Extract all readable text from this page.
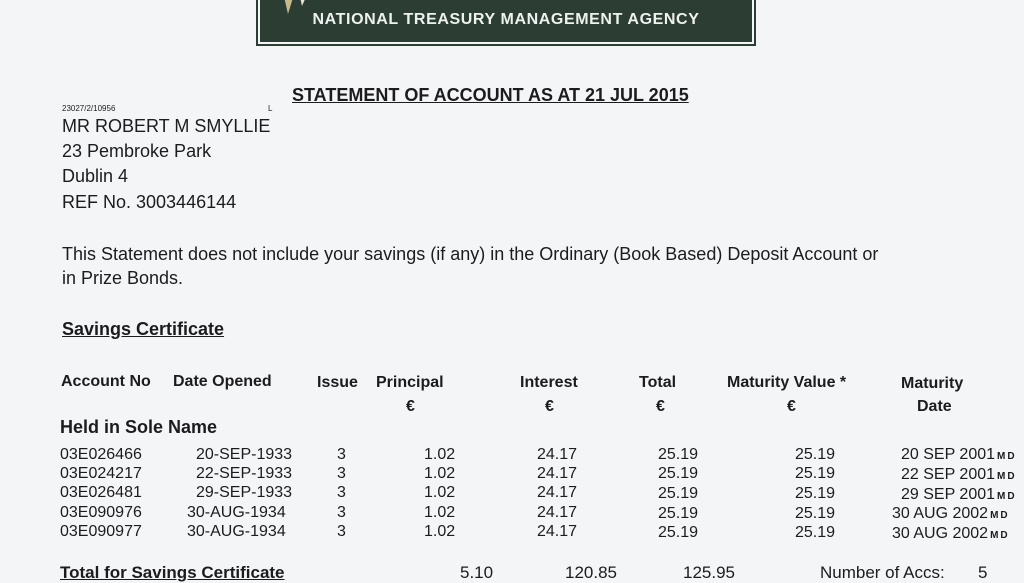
NATIONAL TREASURY MANAGEMENT AGENCY
STATEMENT OF ACCOUNT AS AT 21 JUL 2015
23027/2/10956	L
MR ROBERT M SMYLLIE
23 Pembroke Park
Dublin 4
REF No. 3003446144
This Statement does not include your savings (if any) in the Ordinary (Book Based) Deposit Account or
in Prize Bonds.
Savings Certificate
Account No Date Opened	Issue Principal	Interest	Total	Maturity Value *	Maturity
Date
€	€	€	€
Held in Sole Name
03E026466	20-SEP-1933	3	1.02	24.17	25.19	25.19	20 SEP 2001 MD
03E024217	22-SEP-1933	3	1.02	24.17	25.19	25.19	22 SEP 2001 MD
03E026481	29-SEP-1933	3	1.02	24.17	25.19	25.19	29 SEP 2001 MD
03E090976	30-AUG-1934	3	1.02	24.17	25.19	25.19	30 AUG 2002 MD
03E090977	30-AUG-1934	3	1.02	24.17	25.19	25.19	30 AUG 2002 MD
Total for Savings Certificate	5.10	120.85	125.95	Number of Accs: 5
